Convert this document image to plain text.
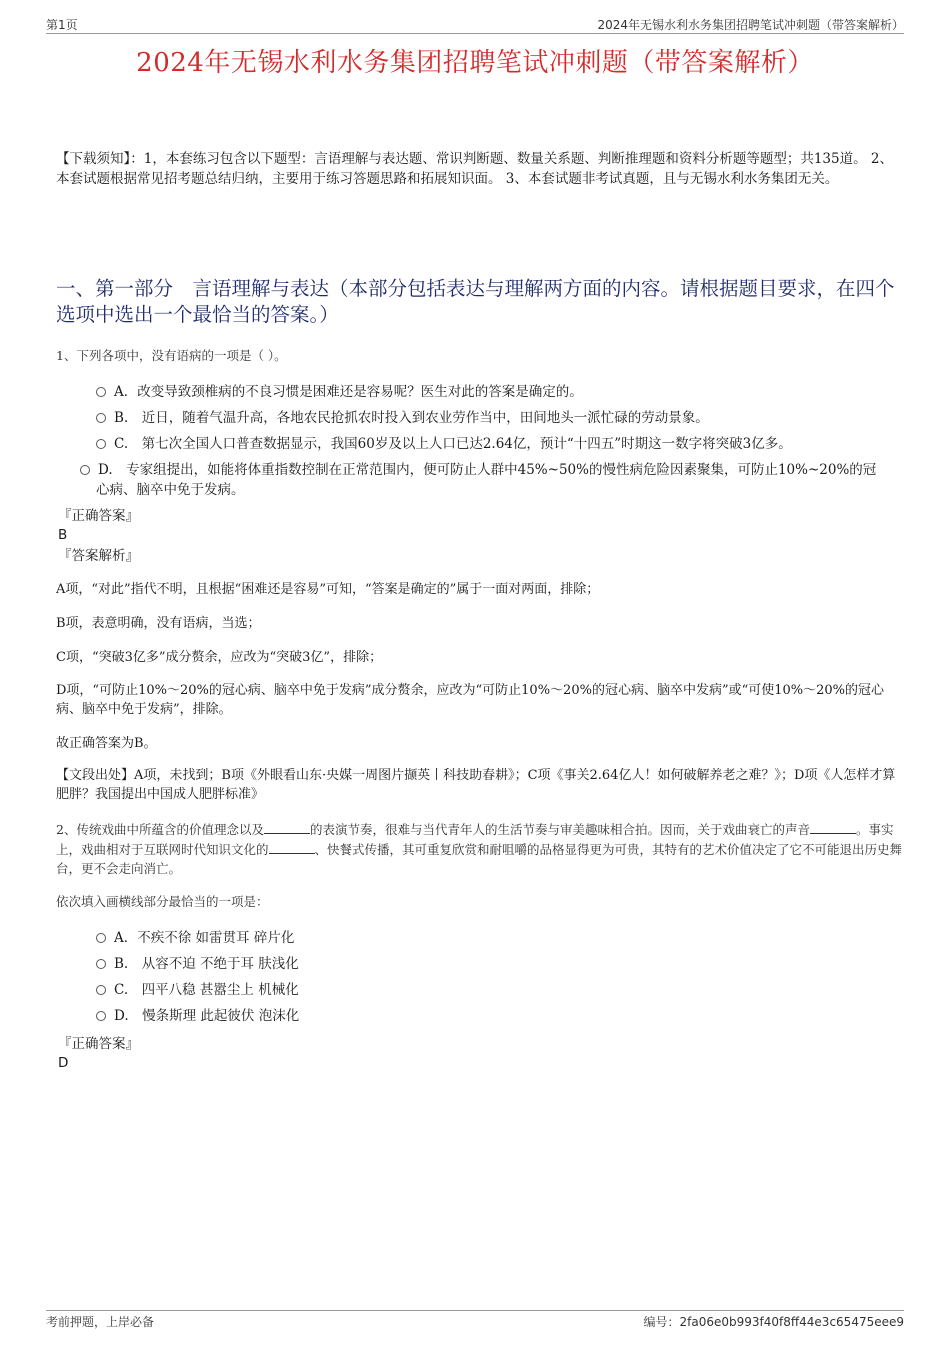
第1页	2024年无锡水利水务集团招聘笔试冲刺题（带答案解析）
2024年无锡水利水务集团招聘笔试冲刺题（带答案解析）
【下载须知】：1，本套练习包含以下题型：言语理解与表达题、常识判断题、数量关系题、判断推理题和资料分析题等题型；共135道。 2、本套试题根据常见招考题总结归纳，主要用于练习答题思路和拓展知识面。 3、本套试题非考试真题，且与无锡水利水务集团无关。
一、第一部分　言语理解与表达（本部分包括表达与理解两方面的内容。请根据题目要求，在四个选项中选出一个最恰当的答案。）
1、下列各项中，没有语病的一项是（ ）。
A．改变导致颈椎病的不良习惯是困难还是容易呢？医生对此的答案是确定的。
B.　近日，随着气温升高，各地农民抢抓农时投入到农业劳作当中，田间地头一派忙碌的劳动景象。
C.　第七次全国人口普查数据显示，我国60岁及以上人口已达2.64亿，预计“十四五”时期这一数字将突破3亿多。
D.　专家组提出，如能将体重指数控制在正常范围内，便可防止人群中45%~50%的慢性病危险因素聚集，可防止10%~20%的冠心病、脑卒中免于发病。
『正确答案』
B
『答案解析』
A项，“对此”指代不明，且根据“困难还是容易”可知，“答案是确定的”属于一面对两面，排除；
B项，表意明确，没有语病，当选；
C项，“突破3亿多”成分赘余，应改为“突破3亿”，排除；
D项，“可防止10%～20%的冠心病、脑卒中免于发病”成分赘余，应改为“可防止10%～20%的冠心病、脑卒中发病”或“可使10%～20%的冠心病、脑卒中免于发病”，排除。
故正确答案为B。
【文段出处】A项，未找到；B项《外眼看山东·央媒一周图片撷英丨科技助春耕》；C项《事关2.64亿人！如何破解养老之难？》；D项《人怎样才算肥胖？我国提出中国成人肥胖标准》
2、传统戏曲中所蕴含的价值理念以及	的表演节奏，很难与当代青年人的生活节奏与审美趣味相合拍。因而，关于戏曲衰亡的声音	。事实上，戏曲相对于互联网时代知识文化的	、快餐式传播，其可重复欣赏和耐咀嚼的品格显得更为可贵，其特有的艺术价值决定了它不可能退出历史舞台，更不会走向消亡。
依次填入画横线部分最恰当的一项是：
A．不疾不徐 如雷贯耳 碎片化
B.　从容不迫 不绝于耳 肤浅化
C.　四平八稳 甚嚣尘上 机械化
D.　慢条斯理 此起彼伏 泡沫化
『正确答案』
D
考前押题，上岸必备	编号：2fa06e0b993f40f8ff44e3c65475eee9
